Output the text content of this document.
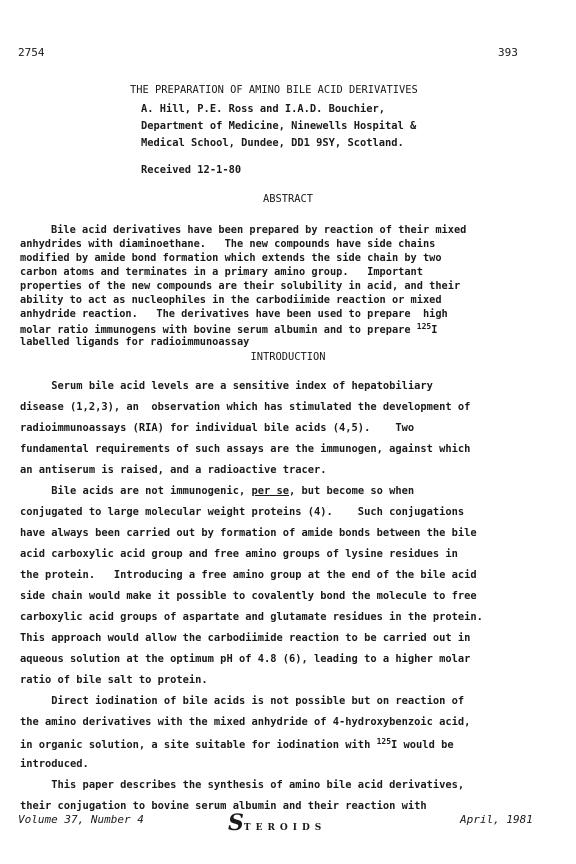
2754	393
THE PREPARATION OF AMINO BILE ACID DERIVATIVES
A. Hill, P.E. Ross and I.A.D. Bouchier,
Department of Medicine, Ninewells Hospital &
Medical School, Dundee, DD1 9SY, Scotland.
Received 12-1-80
ABSTRACT
Bile acid derivatives have been prepared by reaction of their mixed
anhydrides with diaminoethane.   The new compounds have side chains
modified by amide bond formation which extends the side chain by two
carbon atoms and terminates in a primary amino group.   Important
properties of the new compounds are their solubility in acid, and their
ability to act as nucleophiles in the carbodiimide reaction or mixed
anhydride reaction.   The derivatives have been used to prepare  high
molar ratio immunogens with bovine serum albumin and to prepare $^{125}$I
labelled ligands for radioimmunoassay
INTRODUCTION
Serum bile acid levels are a sensitive index of hepatobiliary
disease (1,2,3), an  observation which has stimulated the development of
radioimmunoassays (RIA) for individual bile acids (4,5).    Two
fundamental requirements of such assays are the immunogen, against which
an antiserum is raised, and a radioactive tracer.
Bile acids are not immunogenic, per se, but become so when
conjugated to large molecular weight proteins (4).    Such conjugations
have always been carried out by formation of amide bonds between the bile
acid carboxylic acid group and free amino groups of lysine residues in
the protein.   Introducing a free amino group at the end of the bile acid
side chain would make it possible to covalently bond the molecule to free
carboxylic acid groups of aspartate and glutamate residues in the protein.
This approach would allow the carbodiimide reaction to be carried out in
aqueous solution at the optimum pH of 4.8 (6), leading to a higher molar
ratio of bile salt to protein.
Direct iodination of bile acids is not possible but on reaction of
the amino derivatives with the mixed anhydride of 4-hydroxybenzoic acid,
in organic solution, a site suitable for iodination with $^{125}$I would be
introduced.
This paper describes the synthesis of amino bile acid derivatives,
their conjugation to bovine serum albumin and their reaction with

Volume 37, Number 4

	STEROIDS

April, 1981
